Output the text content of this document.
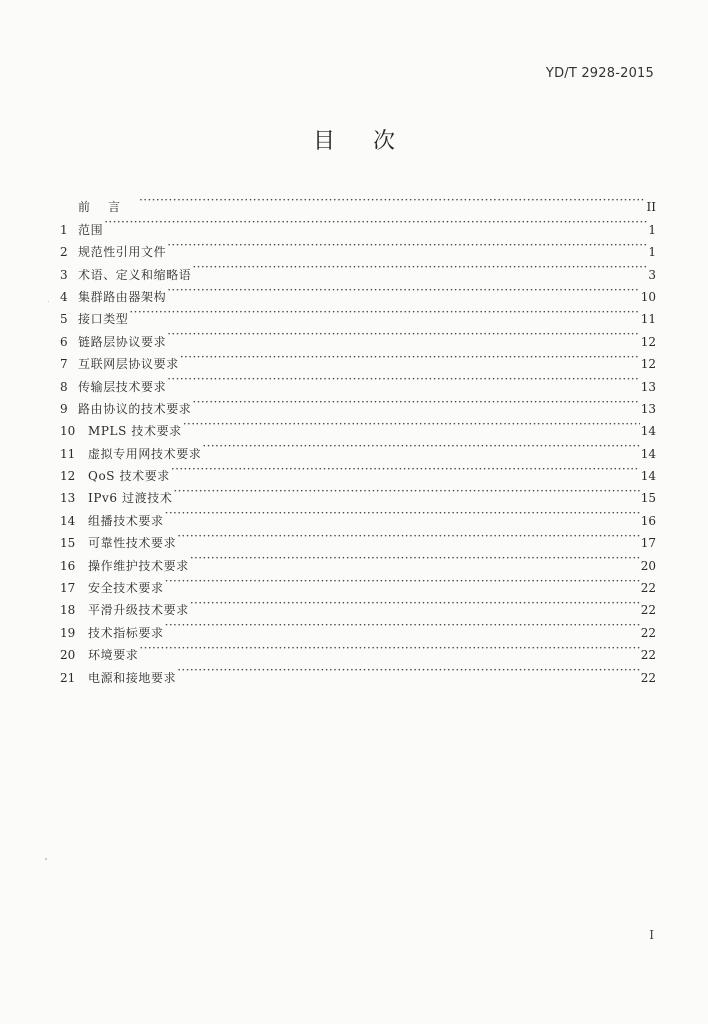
YD/T 2928-2015
目 次
前言 ·····	II
1 范围 ·····	1
2 规范性引用文件 ·····	1
3 术语、定义和缩略语 ·····	3
4 集群路由器架构 ·····	10
5 接口类型 ·····	11
6 链路层协议要求 ·····	12
7 互联网层协议要求 ·····	12
8 传输层技术要求 ·····	13
9 路由协议的技术要求 ·····	13
10	MPLS 技术要求 ·····	14
11	虚拟专用网技术要求 ·····	14
12	QoS 技术要求 ·····	14
13	IPv6 过渡技术 ·····	15
14	组播技术要求 ·····	16
15	可靠性技术要求 ·····	17
16	操作维护技术要求 ·····	20
17	安全技术要求 ·····	22
18	平滑升级技术要求 ·····	22
19	技术指标要求 ·····	22
20	环境要求 ·····	22
21	电源和接地要求 ·····	22
I
